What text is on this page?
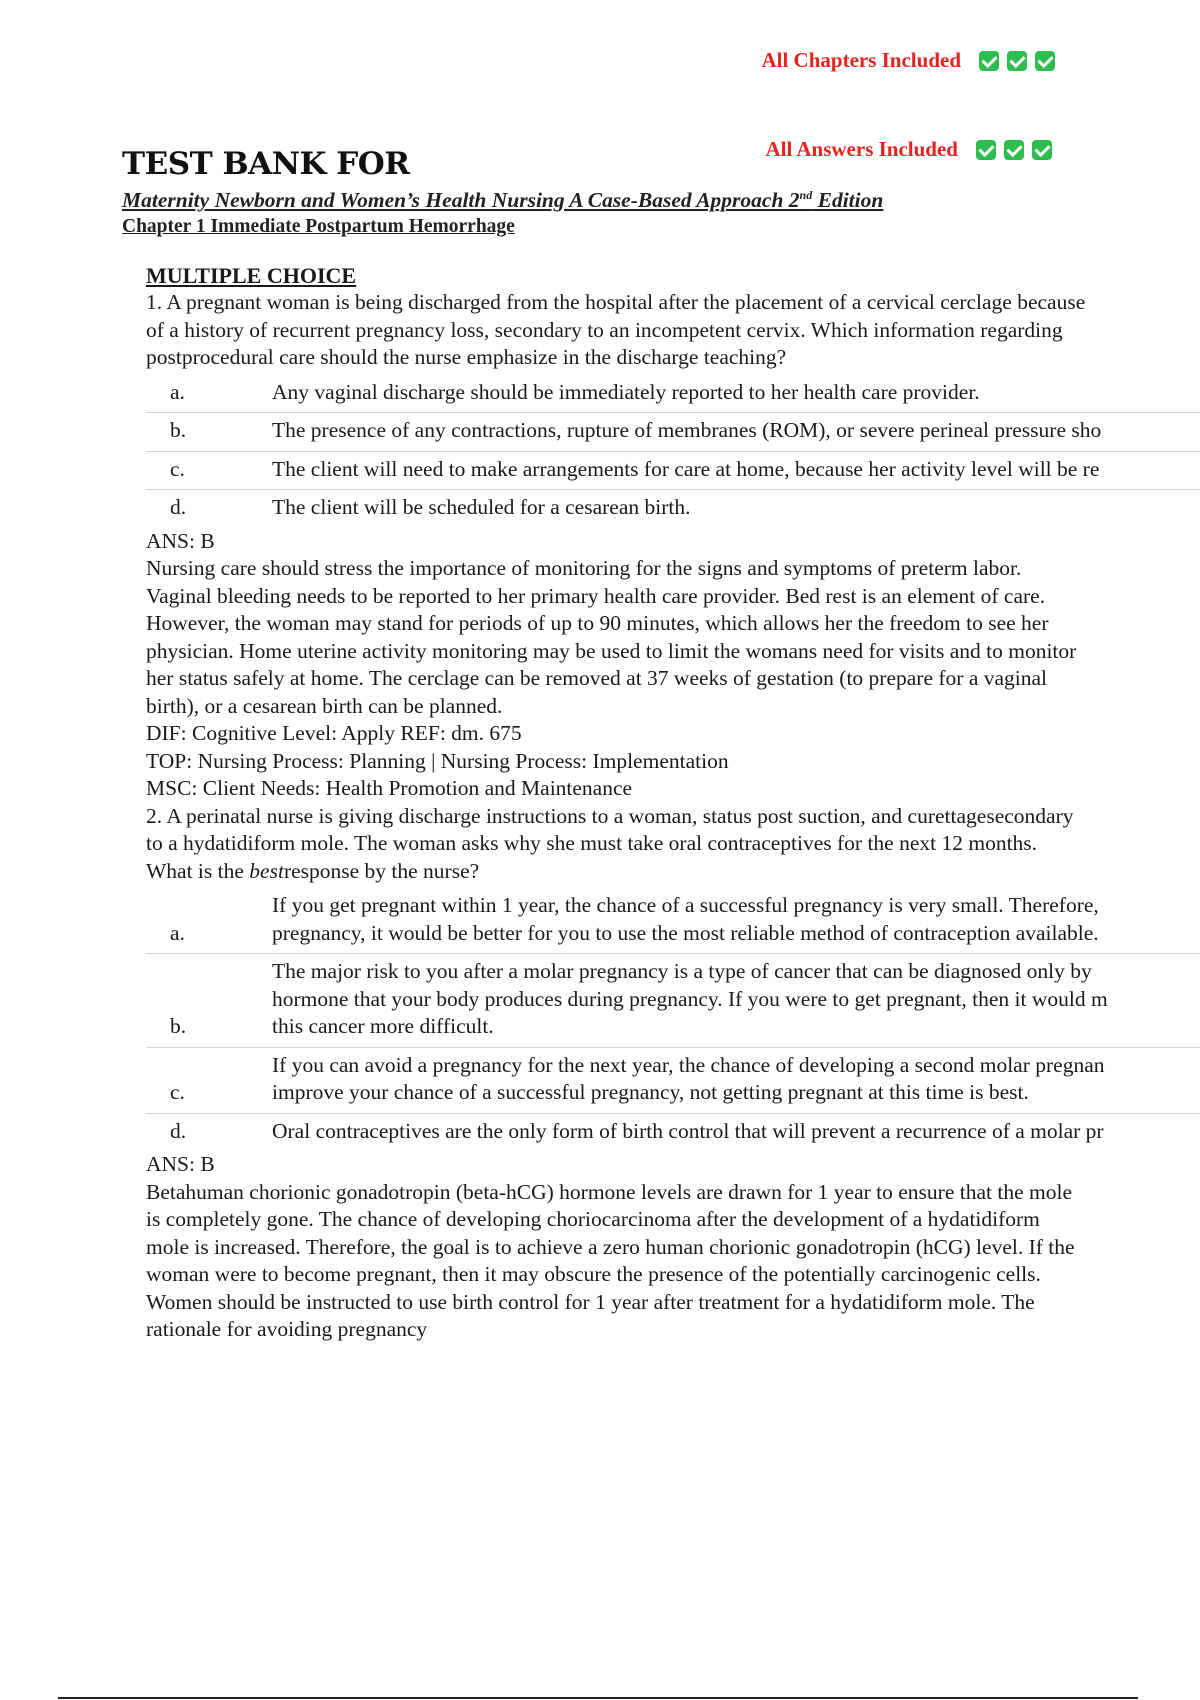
All Chapters Included
All Answers Included
TEST BANK FOR
Maternity Newborn and Women’s Health Nursing A Case-Based Approach 2nd Edition
Chapter 1 Immediate Postpartum Hemorrhage
MULTIPLE CHOICE
1. A pregnant woman is being discharged from the hospital after the placement of a cervical cerclage because of a history of recurrent pregnancy loss, secondary to an incompetent cervix. Which information regarding postprocedural care should the nurse emphasize in the discharge teaching?
a.	Any vaginal discharge should be immediately reported to her health care provider.
b.	The presence of any contractions, rupture of membranes (ROM), or severe perineal pressure sho
c.	The client will need to make arrangements for care at home, because her activity level will be re
d.	The client will be scheduled for a cesarean birth.
ANS: B
Nursing care should stress the importance of monitoring for the signs and symptoms of preterm labor. Vaginal bleeding needs to be reported to her primary health care provider. Bed rest is an element of care. However, the woman may stand for periods of up to 90 minutes, which allows her the freedom to see her physician. Home uterine activity monitoring may be used to limit the womans need for visits and to monitor her status safely at home. The cerclage can be removed at 37 weeks of gestation (to prepare for a vaginal birth), or a cesarean birth can be planned.
DIF: Cognitive Level: Apply REF: dm. 675
TOP: Nursing Process: Planning | Nursing Process: Implementation
MSC: Client Needs: Health Promotion and Maintenance
2. A perinatal nurse is giving discharge instructions to a woman, status post suction, and curettagesecondary to a hydatidiform mole. The woman asks why she must take oral contraceptives for the next 12 months. What is the bestresponse by the nurse?
a.
If you get pregnant within 1 year, the chance of a successful pregnancy is very small. Therefore,
pregnancy, it would be better for you to use the most reliable method of contraception available.
b.
The major risk to you after a molar pregnancy is a type of cancer that can be diagnosed only by
hormone that your body produces during pregnancy. If you were to get pregnant, then it would m
this cancer more difficult.
c.
If you can avoid a pregnancy for the next year, the chance of developing a second molar pregnan
improve your chance of a successful pregnancy, not getting pregnant at this time is best.
d.	Oral contraceptives are the only form of birth control that will prevent a recurrence of a molar pr
ANS: B
Betahuman chorionic gonadotropin (beta-hCG) hormone levels are drawn for 1 year to ensure that the mole is completely gone. The chance of developing choriocarcinoma after the development of a hydatidiform mole is increased. Therefore, the goal is to achieve a zero human chorionic gonadotropin (hCG) level. If the woman were to become pregnant, then it may obscure the presence of the potentially carcinogenic cells. Women should be instructed to use birth control for 1 year after treatment for a hydatidiform mole. The rationale for avoiding pregnancy
